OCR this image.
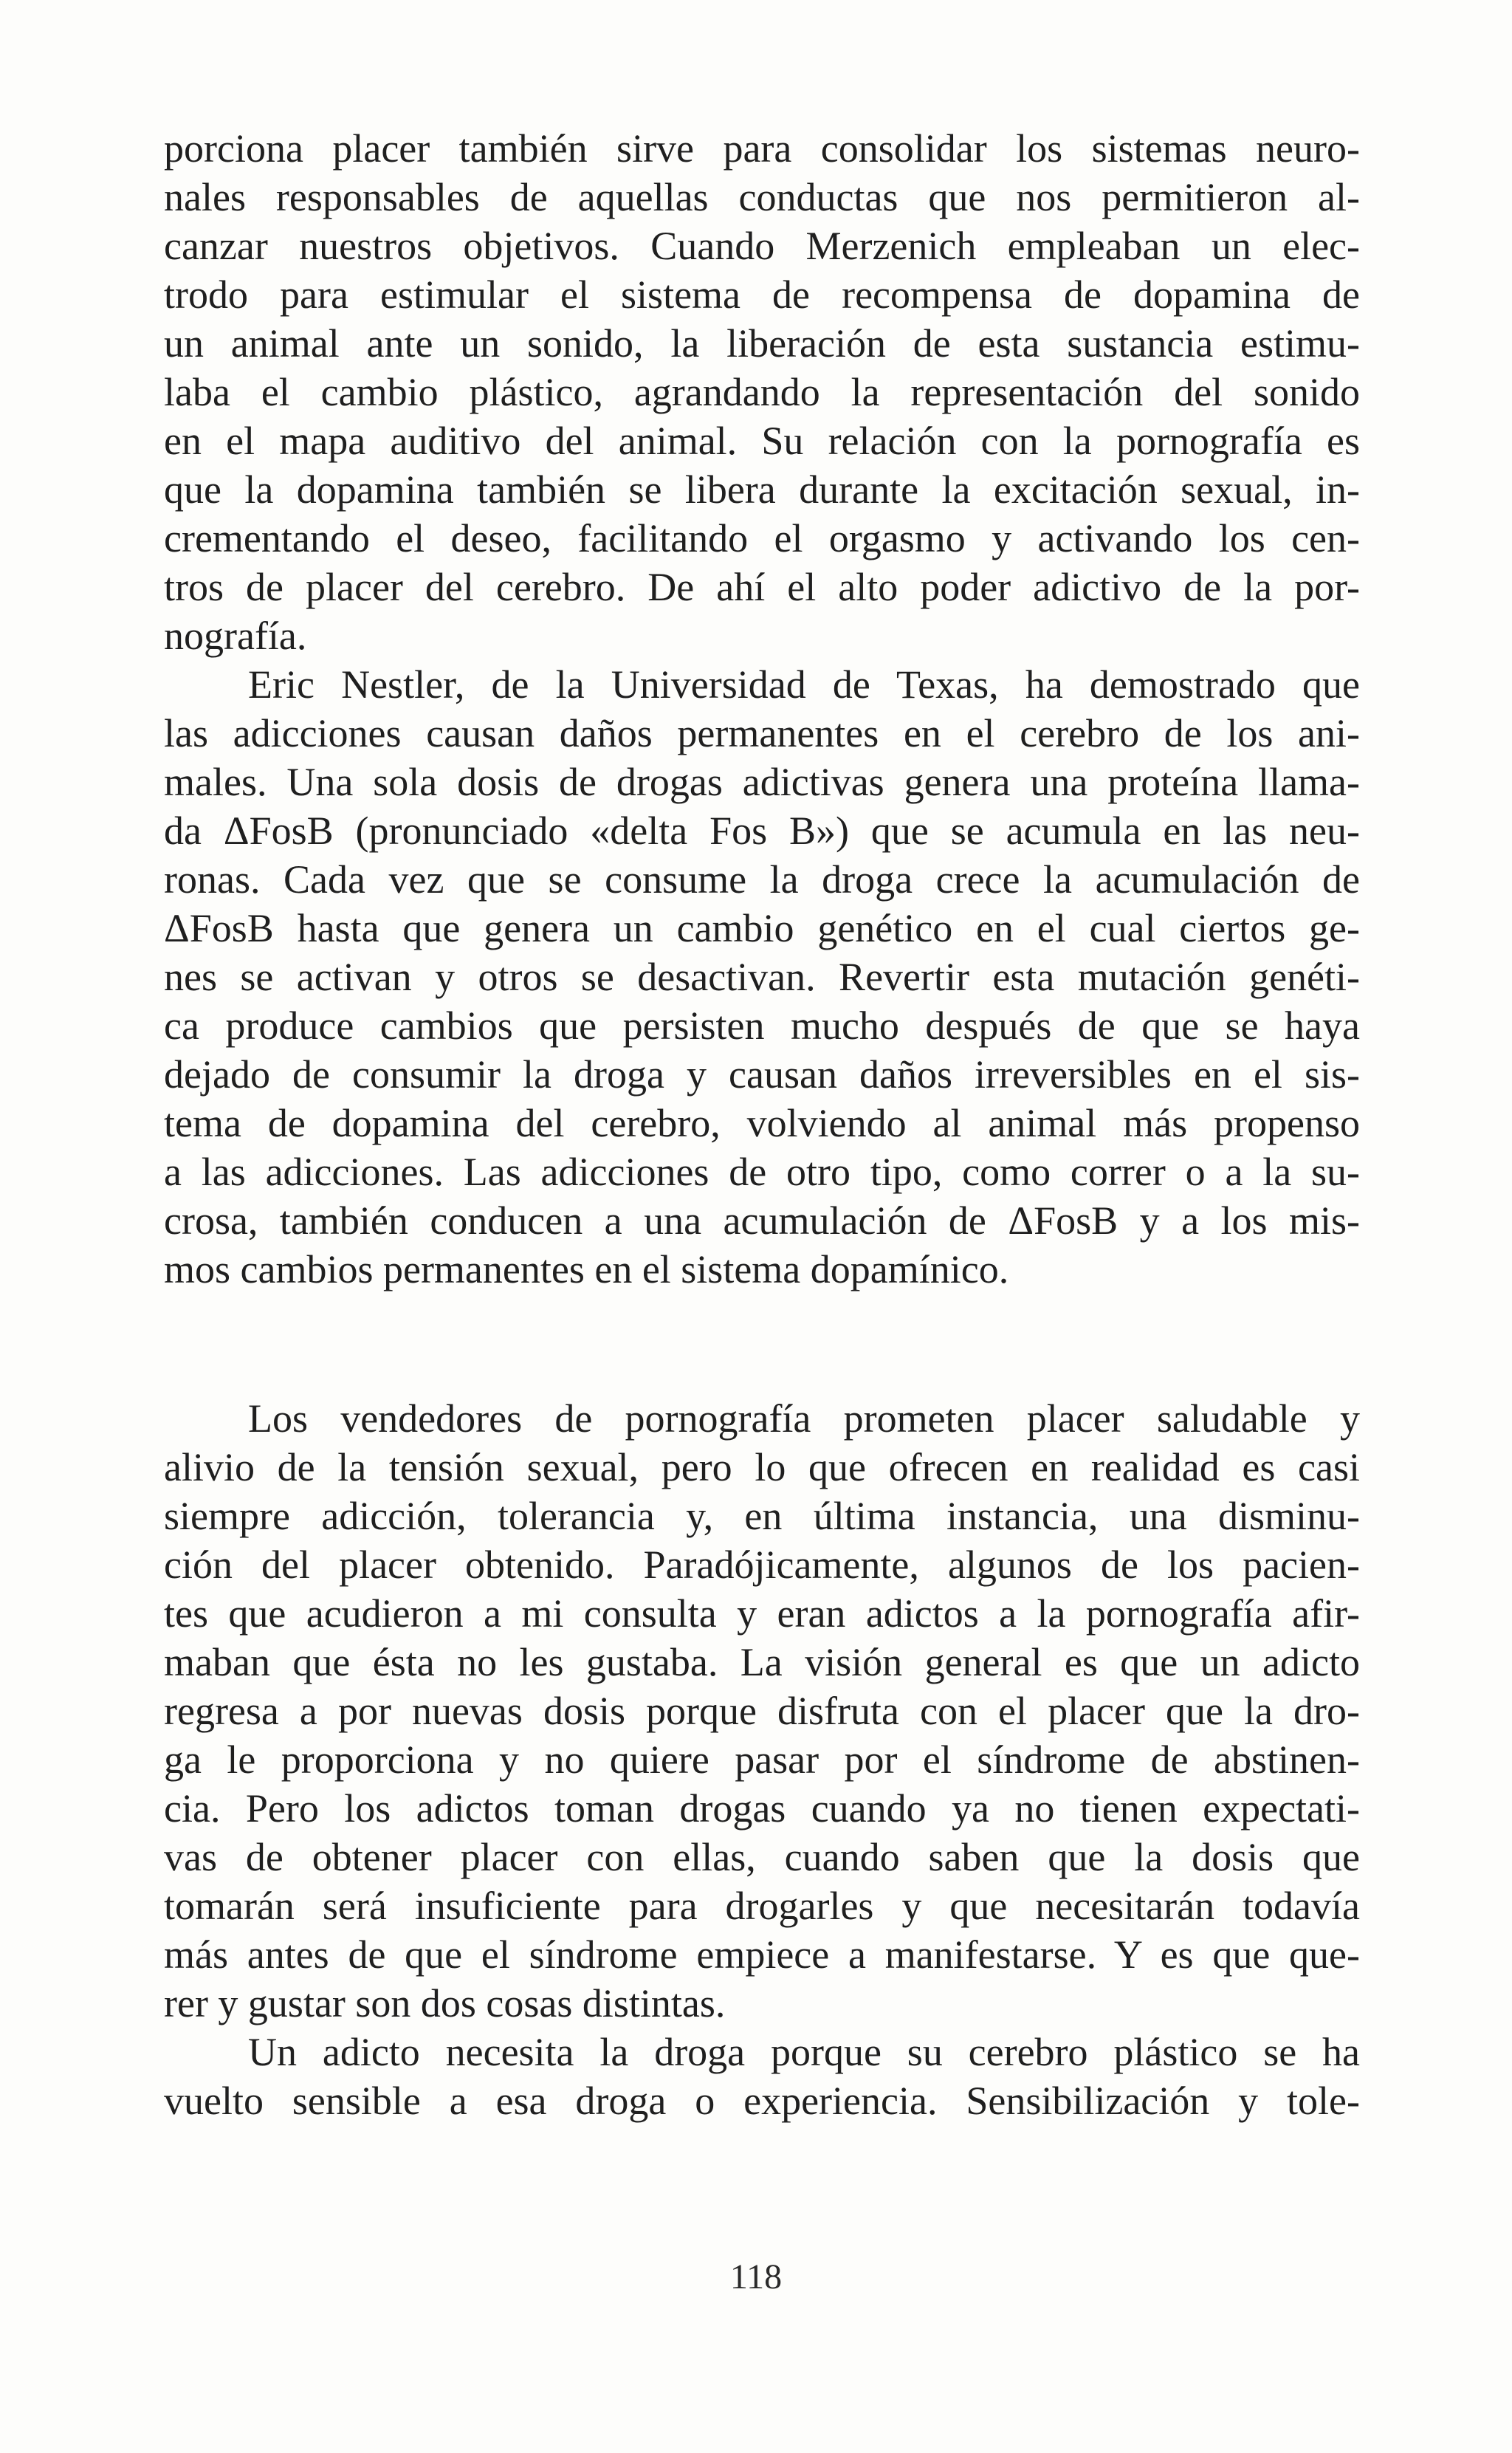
porciona placer también sirve para consolidar los sistemas neuro-

nales responsables de aquellas conductas que nos permitieron al-

canzar nuestros objetivos. Cuando Merzenich empleaban un elec-

trodo para estimular el sistema de recompensa de dopamina de

un animal ante un sonido, la liberación de esta sustancia estimu-

laba el cambio plástico, agrandando la representación del sonido

en el mapa auditivo del animal. Su relación con la pornografía es

que la dopamina también se libera durante la excitación sexual, in-

crementando el deseo, facilitando el orgasmo y activando los cen-

tros de placer del cerebro. De ahí el alto poder adictivo de la por-

nografía.

Eric Nestler, de la Universidad de Texas, ha demostrado que

las adicciones causan daños permanentes en el cerebro de los ani-

males. Una sola dosis de drogas adictivas genera una proteína llama-

da ΔFosB (pronunciado «delta Fos B») que se acumula en las neu-

ronas. Cada vez que se consume la droga crece la acumulación de

ΔFosB hasta que genera un cambio genético en el cual ciertos ge-

nes se activan y otros se desactivan. Revertir esta mutación genéti-

ca produce cambios que persisten mucho después de que se haya

dejado de consumir la droga y causan daños irreversibles en el sis-

tema de dopamina del cerebro, volviendo al animal más propenso

a las adicciones. Las adicciones de otro tipo, como correr o a la su-

crosa, también conducen a una acumulación de ΔFosB y a los mis-

mos cambios permanentes en el sistema dopamínico.

Los vendedores de pornografía prometen placer saludable y

alivio de la tensión sexual, pero lo que ofrecen en realidad es casi

siempre adicción, tolerancia y, en última instancia, una disminu-

ción del placer obtenido. Paradójicamente, algunos de los pacien-

tes que acudieron a mi consulta y eran adictos a la pornografía afir-

maban que ésta no les gustaba. La visión general es que un adicto

regresa a por nuevas dosis porque disfruta con el placer que la dro-

ga le proporciona y no quiere pasar por el síndrome de abstinen-

cia. Pero los adictos toman drogas cuando ya no tienen expectati-

vas de obtener placer con ellas, cuando saben que la dosis que

tomarán será insuficiente para drogarles y que necesitarán todavía

más antes de que el síndrome empiece a manifestarse. Y es que que-

rer y gustar son dos cosas distintas.

Un adicto necesita la droga porque su cerebro plástico se ha

vuelto sensible a esa droga o experiencia. Sensibilización y tole-

118
